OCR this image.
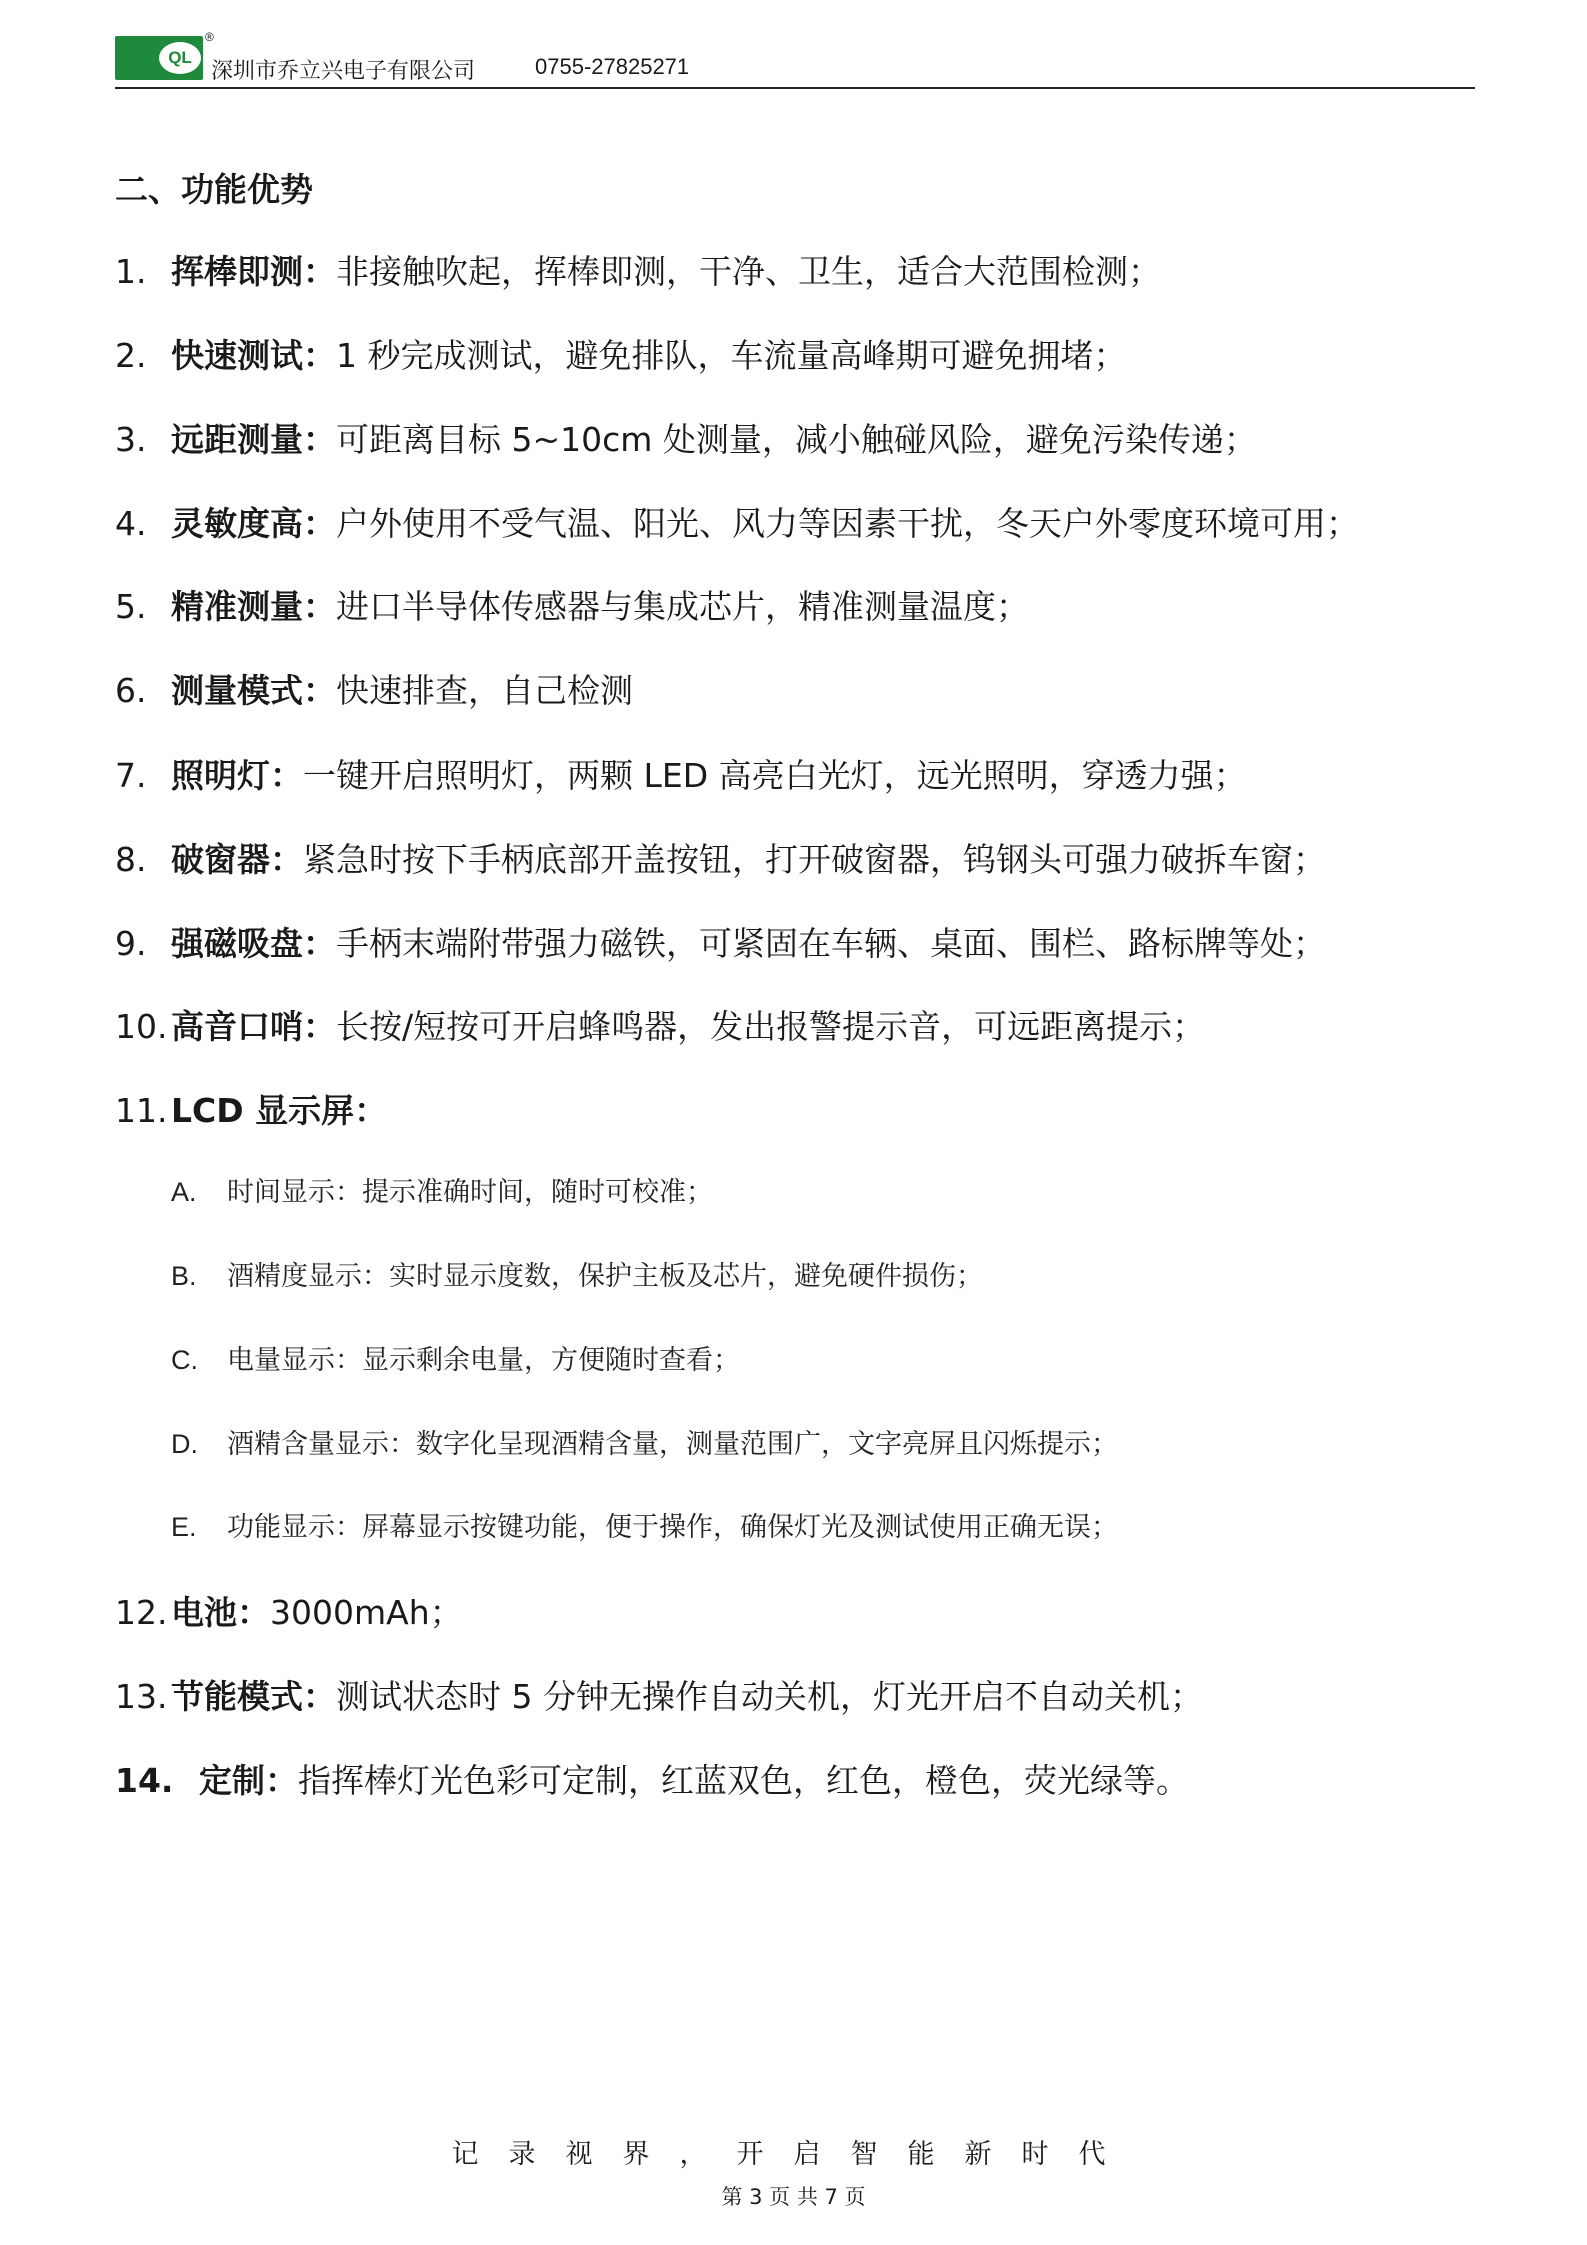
QL
®
深圳市乔立兴电子有限公司	0755-27825271
二、功能优势
1. 挥棒即测：非接触吹起，挥棒即测，干净、卫生，适合大范围检测；
2. 快速测试：1 秒完成测试，避免排队，车流量高峰期可避免拥堵；
3. 远距测量：可距离目标 5~10cm 处测量，减小触碰风险，避免污染传递；
4. 灵敏度高：户外使用不受气温、阳光、风力等因素干扰，冬天户外零度环境可用；
5. 精准测量：进口半导体传感器与集成芯片，精准测量温度；
6. 测量模式：快速排查，自己检测
7. 照明灯：一键开启照明灯，两颗 LED 高亮白光灯，远光照明，穿透力强；
8. 破窗器：紧急时按下手柄底部开盖按钮，打开破窗器，钨钢头可强力破拆车窗；
9. 强磁吸盘：手柄末端附带强力磁铁，可紧固在车辆、桌面、围栏、路标牌等处；
10. 高音口哨：长按/短按可开启蜂鸣器，发出报警提示音，可远距离提示；
11. LCD 显示屏：
A. 时间显示：提示准确时间，随时可校准；
B. 酒精度显示：实时显示度数，保护主板及芯片，避免硬件损伤；
C. 电量显示：显示剩余电量，方便随时查看；
D. 酒精含量显示：数字化呈现酒精含量，测量范围广，文字亮屏且闪烁提示；
E. 功能显示：屏幕显示按键功能，便于操作，确保灯光及测试使用正确无误；
12. 电池：3000mAh；
13. 节能模式：测试状态时 5 分钟无操作自动关机，灯光开启不自动关机；
14. 定制：指挥棒灯光色彩可定制，红蓝双色，红色，橙色，荧光绿等。
记录视界，开启智能新时代
第 3 页 共 7 页
